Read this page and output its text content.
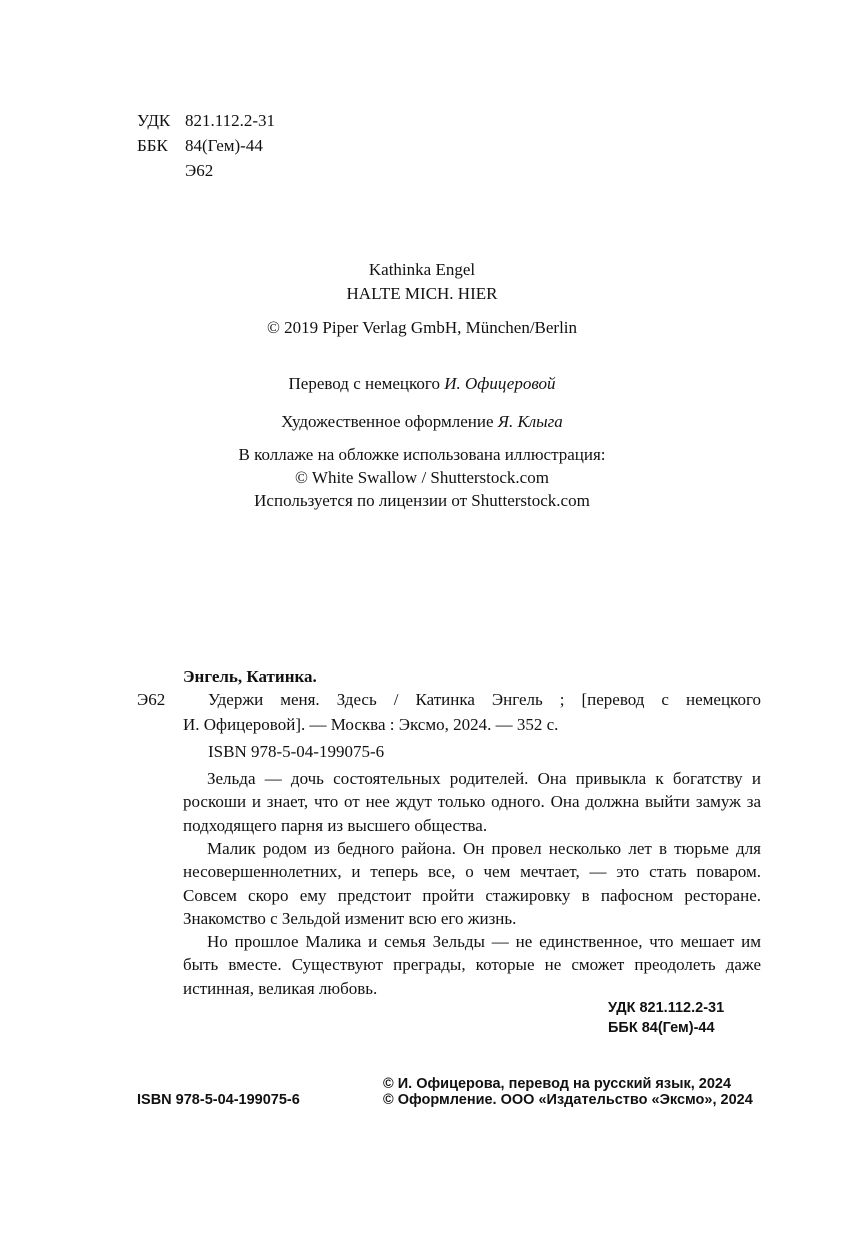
УДК 821.112.2-31
ББК	84(Гем)-44
Э62
Kathinka Engel
HALTE MICH. HIER
© 2019 Piper Verlag GmbH, München/Berlin
Перевод с немецкого И. Офицеровой
Художественное оформление Я. Клыга
В коллаже на обложке использована иллюстрация:
© White Swallow / Shutterstock.com
Используется по лицензии от Shutterstock.com
Энгель, Катинка.
Э62	Удержи меня. Здесь / Катинка Энгель ; [перевод с немецкого
И. Офицеровой]. — Москва : Эксмо, 2024. — 352 с.
ISBN 978-5-04-199075-6
Зельда — дочь состоятельных родителей. Она привыкла к богатству и роскоши и знает, что от нее ждут только одного. Она должна выйти замуж за подходящего парня из высшего общества.
Малик родом из бедного района. Он провел несколько лет в тюрьме для несовершеннолетних, и теперь все, о чем мечтает, — это стать поваром. Совсем скоро ему предстоит пройти стажировку в пафосном ресторане. Знакомство с Зельдой изменит всю его жизнь.
Но прошлое Малика и семья Зельды — не единственное, что мешает им быть вместе. Существуют преграды, которые не сможет преодолеть даже истинная, великая любовь.
УДК 821.112.2-31
ББК 84(Гем)-44
© И. Офицерова, перевод на русский язык, 2024
ISBN 978-5-04-199075-6	© Оформление. ООО «Издательство «Эксмо», 2024
